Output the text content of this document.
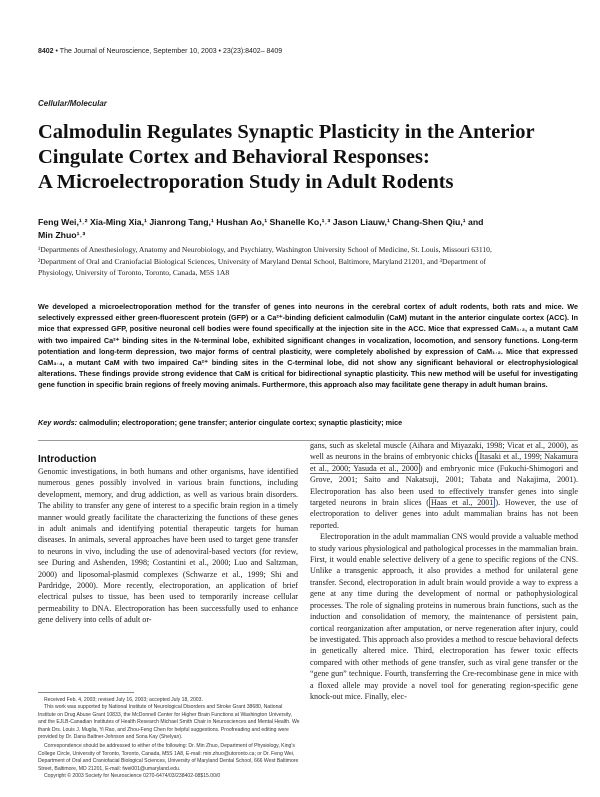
8402 • The Journal of Neuroscience, September 10, 2003 • 23(23):8402– 8409
Cellular/Molecular
Calmodulin Regulates Synaptic Plasticity in the Anterior
Cingulate Cortex and Behavioral Responses:
A Microelectroporation Study in Adult Rodents
Feng Wei,¹˒² Xia-Ming Xia,¹ Jianrong Tang,¹ Hushan Ao,¹ Shanelle Ko,¹˒³ Jason Liauw,¹ Chang-Shen Qiu,¹ and
Min Zhuo¹˒³
¹Departments of Anesthesiology, Anatomy and Neurobiology, and Psychiatry, Washington University School of Medicine, St. Louis, Missouri 63110,
²Department of Oral and Craniofacial Biological Sciences, University of Maryland Dental School, Baltimore, Maryland 21201, and ³Department of
Physiology, University of Toronto, Toronto, Canada, M5S 1A8
We developed a microelectroporation method for the transfer of genes into neurons in the cerebral cortex of adult rodents, both rats and mice. We selectively expressed either green-fluorescent protein (GFP) or a Ca²⁺-binding deficient calmodulin (CaM) mutant in the anterior cingulate cortex (ACC). In mice that expressed GFP, positive neuronal cell bodies were found specifically at the injection site in the ACC. Mice that expressed CaM₁˒₂, a mutant CaM with two impaired Ca²⁺ binding sites in the N-terminal lobe, exhibited significant changes in vocalization, locomotion, and sensory functions. Long-term potentiation and long-term depression, two major forms of central plasticity, were completely abolished by expression of CaM₁˒₂. Mice that expressed CaM₃˒₄, a mutant CaM with two impaired Ca²⁺ binding sites in the C-terminal lobe, did not show any significant behavioral or electrophysiological alterations. These findings provide strong evidence that CaM is critical for bidirectional synaptic plasticity. This new method will be useful for investigating gene function in specific brain regions of freely moving animals. Furthermore, this approach also may facilitate gene therapy in adult human brains.
Key words: calmodulin; electroporation; gene transfer; anterior cingulate cortex; synaptic plasticity; mice
Introduction

Genomic investigations, in both humans and other organisms, have identified numerous genes possibly involved in various brain functions, including development, memory, and drug addiction, as well as various brain disorders. The ability to transfer any gene of interest to a specific brain region in a timely manner would greatly facilitate the characterizing the functions of these genes in adult animals and identifying potential therapeutic targets for human diseases. In animals, several approaches have been used to target gene transfer to neurons in vivo, including the use of adenoviral-based vectors (for review, see During and Ashenden, 1998; Costantini et al., 2000; Luo and Saltzman, 2000) and liposomal-plasmid complexes (Schwarze et al., 1999; Shi and Pardridge, 2000). More recently, electroporation, an application of brief electrical pulses to tissue, has been used to temporarily increase cellular permeability to DNA. Electroporation has been successfully used to enhance gene delivery into cells of adult or-

gans, such as skeletal muscle (Aihara and Miyazaki, 1998; Vicat et al., 2000), as well as neurons in the brains of embryonic chicks ( Itasaki et al., 1999; Nakamura et al., 2000; Yasuda et al., 2000 ) and embryonic mice (Fukuchi-Shimogori and Grove, 2001; Saito and Nakatsuji, 2001; Tabata and Nakajima, 2001). Electroporation has also been used to effectively transfer genes into single targeted neurons in brain slices ( Haas et al., 2001 ). However, the use of electroporation to deliver genes into adult mammalian brains has not been reported.

Electroporation in the adult mammalian CNS would provide a valuable method to study various physiological and pathological processes in the mammalian brain. First, it would enable selective delivery of a gene to specific regions of the CNS. Unlike a transgenic approach, it also provides a method for unilateral gene transfer. Second, electroporation in adult brain would provide a way to express a gene at any time during the development of normal or pathophysiological processes. The role of signaling proteins in numerous brain functions, such as the induction and consolidation of memory, the maintenance of persistent pain, cortical reorganization after amputation, or nerve regeneration after injury, could be investigated. This approach also provides a method to rescue behavioral defects in genetically altered mice. Third, electroporation has fewer toxic effects compared with other methods of gene transfer, such as viral gene transfer or the “gene gun” technique. Fourth, transferring the Cre-recombinase gene in mice with a floxed allele may provide a novel tool for generating region-specific gene knock-out mice. Finally, elec-

Received Feb. 4, 2003; revised July 16, 2003; accepted July 18, 2003.

This work was supported by National Institute of Neurological Disorders and Stroke Grant 38680, National Institute on Drug Abuse Grant 10833, the McDonnell Center for Higher Brain Functions at Washington University, and the EJLB-Canadian Institutes of Health Research Michael Smith Chair in Neurosciences and Mental Health. We thank Drs. Louis J. Muglia, Yi Rao, and Zhou-Feng Chen for helpful suggestions. Proofreading and editing were provided by Dr. Dana Baltner-Johnson and Sona Kay (Shelyan).

Correspondence should be addressed to either of the following: Dr. Min Zhuo, Department of Physiology, King's College Circle, University of Toronto, Toronto, Canada, M5S 1A8, E-mail: min.zhuo@utoronto.ca; or Dr. Feng Wei, Department of Oral and Craniofacial Biological Sciences, University of Maryland Dental School, 666 West Baltimore Street, Baltimore, MD 21201, E-mail: fwei001@umaryland.edu.

Copyright © 2003 Society for Neuroscience 0270-6474/03/238402-08$15.00/0
